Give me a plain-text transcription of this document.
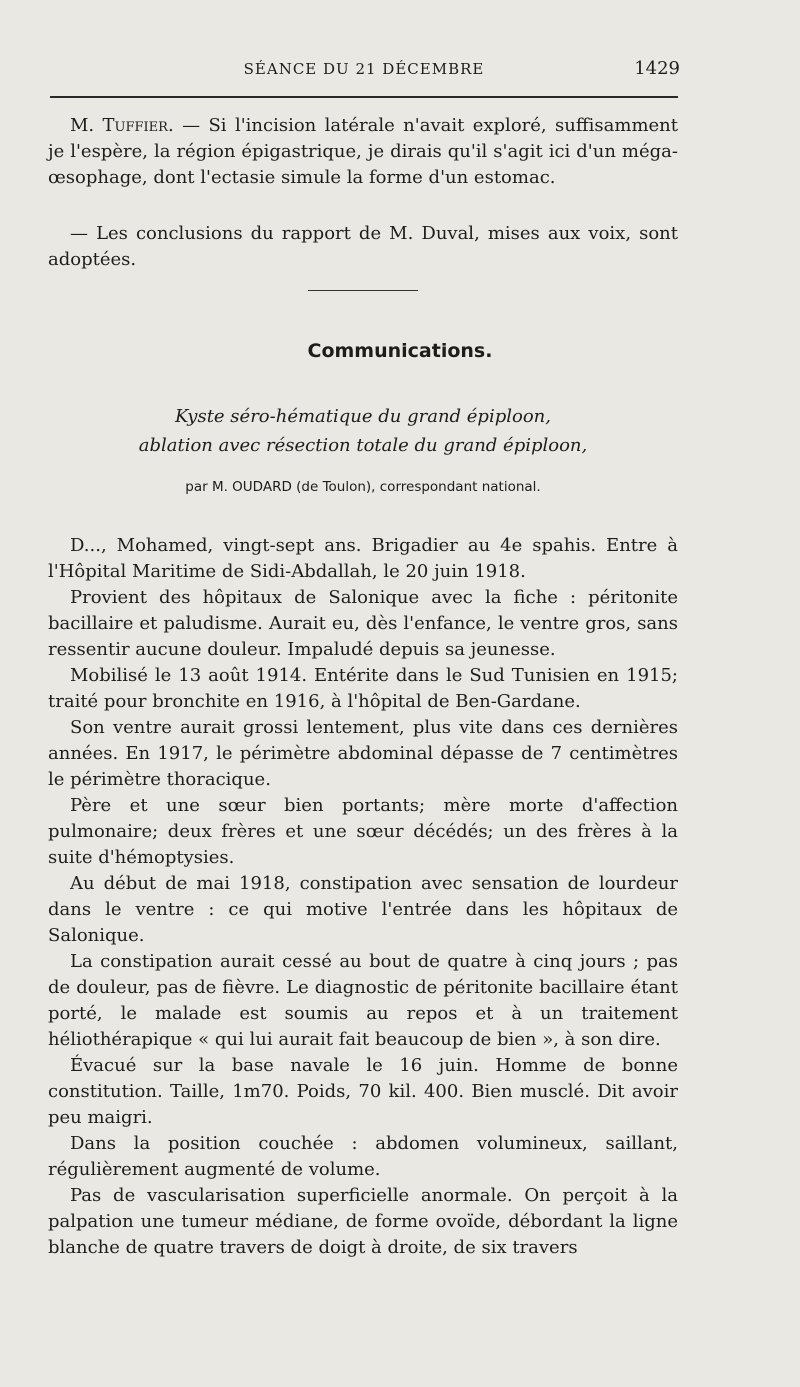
SÉANCE DU 21 DÉCEMBRE	1429

M. Tuffier. — Si l'incision latérale n'avait exploré, suffisamment je l'espère, la région épigastrique, je dirais qu'il s'agit ici d'un méga-œsophage, dont l'ectasie simule la forme d'un estomac.

— Les conclusions du rapport de M. Duval, mises aux voix, sont adoptées.

Communications.
Kyste séro-hématique du grand épiploon,
ablation avec résection totale du grand épiploon,
par M. OUDARD (de Toulon), correspondant national.

D..., Mohamed, vingt-sept ans. Brigadier au 4e spahis. Entre à l'Hôpital Maritime de Sidi-Abdallah, le 20 juin 1918.

Provient des hôpitaux de Salonique avec la fiche : péritonite bacillaire et paludisme. Aurait eu, dès l'enfance, le ventre gros, sans ressentir aucune douleur. Impaludé depuis sa jeunesse.

Mobilisé le 13 août 1914. Entérite dans le Sud Tunisien en 1915; traité pour bronchite en 1916, à l'hôpital de Ben-Gardane.

Son ventre aurait grossi lentement, plus vite dans ces dernières années. En 1917, le périmètre abdominal dépasse de 7 centimètres le périmètre thoracique.

Père et une sœur bien portants; mère morte d'affection pulmonaire; deux frères et une sœur décédés; un des frères à la suite d'hémoptysies.

Au début de mai 1918, constipation avec sensation de lourdeur dans le ventre : ce qui motive l'entrée dans les hôpitaux de Salonique.

La constipation aurait cessé au bout de quatre à cinq jours ; pas de douleur, pas de fièvre. Le diagnostic de péritonite bacillaire étant porté, le malade est soumis au repos et à un traitement héliothérapique « qui lui aurait fait beaucoup de bien », à son dire.

Évacué sur la base navale le 16 juin. Homme de bonne constitution. Taille, 1m70. Poids, 70 kil. 400. Bien musclé. Dit avoir peu maigri.

Dans la position couchée : abdomen volumineux, saillant, régulièrement augmenté de volume.

Pas de vascularisation superficielle anormale. On perçoit à la palpation une tumeur médiane, de forme ovoïde, débordant la ligne blanche de quatre travers de doigt à droite, de six travers
